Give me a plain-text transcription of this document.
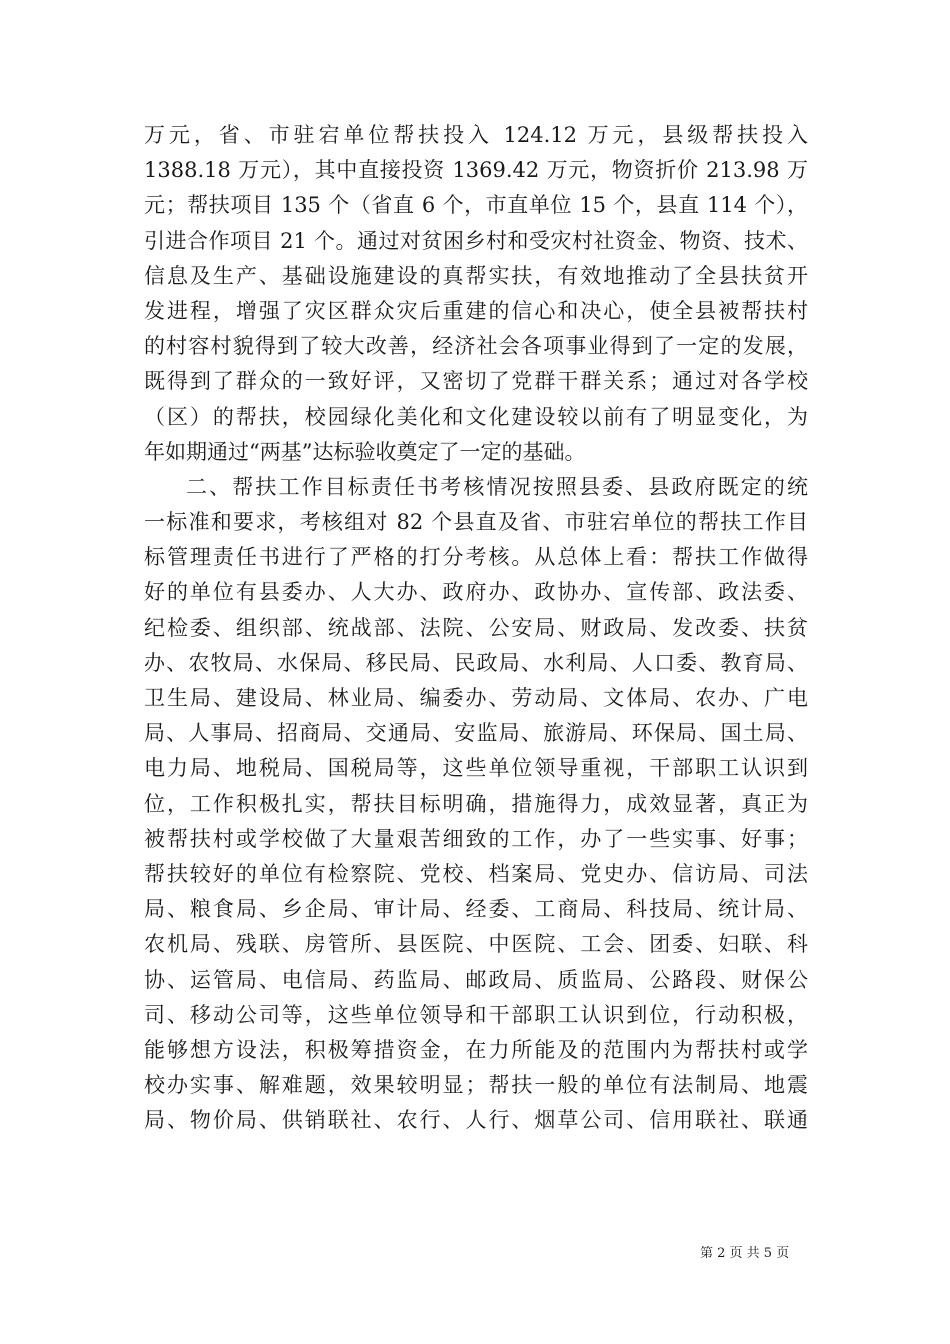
万元，省、市驻宕单位帮扶投入 124.12 万元，县级帮扶投入
1388.18 万元），其中直接投资 1369.42 万元，物资折价 213.98 万
元；帮扶项目 135 个（省直 6 个，市直单位 15 个，县直 114 个），
引进合作项目 21 个。通过对贫困乡村和受灾村社资金、物资、技术、
信息及生产、基础设施建设的真帮实扶，有效地推动了全县扶贫开
发进程，增强了灾区群众灾后重建的信心和决心，使全县被帮扶村
的村容村貌得到了较大改善，经济社会各项事业得到了一定的发展，
既得到了群众的一致好评，又密切了党群干群关系；通过对各学校
（区）的帮扶，校园绿化美化和文化建设较以前有了明显变化，为
年如期通过“两基”达标验收奠定了一定的基础。
二、帮扶工作目标责任书考核情况按照县委、县政府既定的统
一标准和要求，考核组对 82 个县直及省、市驻宕单位的帮扶工作目
标管理责任书进行了严格的打分考核。从总体上看：帮扶工作做得
好的单位有县委办、人大办、政府办、政协办、宣传部、政法委、
纪检委、组织部、统战部、法院、公安局、财政局、发改委、扶贫
办、农牧局、水保局、移民局、民政局、水利局、人口委、教育局、
卫生局、建设局、林业局、编委办、劳动局、文体局、农办、广电
局、人事局、招商局、交通局、安监局、旅游局、环保局、国土局、
电力局、地税局、国税局等，这些单位领导重视，干部职工认识到
位，工作积极扎实，帮扶目标明确，措施得力，成效显著，真正为
被帮扶村或学校做了大量艰苦细致的工作，办了一些实事、好事；
帮扶较好的单位有检察院、党校、档案局、党史办、信访局、司法
局、粮食局、乡企局、审计局、经委、工商局、科技局、统计局、
农机局、残联、房管所、县医院、中医院、工会、团委、妇联、科
协、运管局、电信局、药监局、邮政局、质监局、公路段、财保公
司、移动公司等，这些单位领导和干部职工认识到位，行动积极，
能够想方设法，积极筹措资金，在力所能及的范围内为帮扶村或学
校办实事、解难题，效果较明显；帮扶一般的单位有法制局、地震
局、物价局、供销联社、农行、人行、烟草公司、信用联社、联通
第 2 页 共 5 页
